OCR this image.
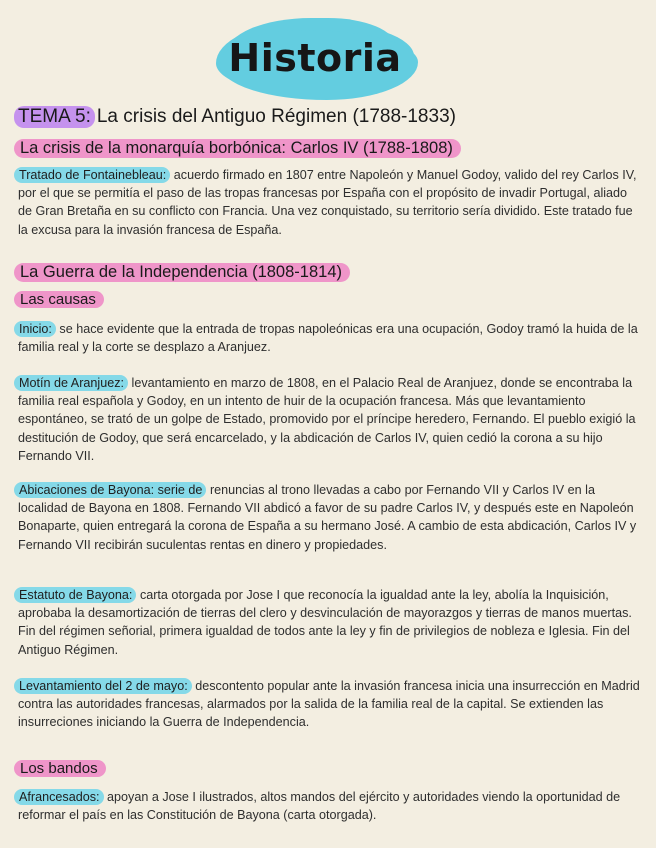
Historia
TEMA 5: La crisis del Antiguo Régimen (1788-1833)
La crisis de la monarquía borbónica: Carlos IV (1788-1808)
Tratado de Fontainebleau: acuerdo firmado en 1807 entre Napoleón y Manuel Godoy, valido del rey Carlos IV, por el que se permitía el paso de las tropas francesas por España con el propósito de invadir Portugal, aliado de Gran Bretaña en su conflicto con Francia. Una vez conquistado, su territorio sería dividido. Este tratado fue la excusa para la invasión francesa de España.
La Guerra de la Independencia (1808-1814)
Las causas
Inicio: se hace evidente que la entrada de tropas napoleónicas era una ocupación, Godoy tramó la huida de la familia real y la corte se desplazo a Aranjuez.
Motín de Aranjuez: levantamiento en marzo de 1808, en el Palacio Real de Aranjuez, donde se encontraba la familia real española y Godoy, en un intento de huir de la ocupación francesa. Más que levantamiento espontáneo, se trató de un golpe de Estado, promovido por el príncipe heredero, Fernando. El pueblo exigió la destitución de Godoy, que será encarcelado, y la abdicación de Carlos IV, quien cedió la corona a su hijo Fernando VII.
Abicaciones de Bayona: serie de renuncias al trono llevadas a cabo por Fernando VII y Carlos IV en la localidad de Bayona en 1808. Fernando VII abdicó a favor de su padre Carlos IV, y después este en Napoleón Bonaparte, quien entregará la corona de España a su hermano José. A cambio de esta abdicación, Carlos IV y Fernando VII recibirán suculentas rentas en dinero y propiedades.
Estatuto de Bayona: carta otorgada por Jose I que reconocía la igualdad ante la ley, abolía la Inquisición, aprobaba la desamortización de tierras del clero y desvinculación de mayorazgos y tierras de manos muertas. Fin del régimen señorial, primera igualdad de todos ante la ley y fin de privilegios de nobleza e Iglesia. Fin del Antiguo Régimen.
Levantamiento del 2 de mayo: descontento popular ante la invasión francesa inicia una insurrección en Madrid contra las autoridades francesas, alarmados por la salida de la familia real de la capital. Se extienden las insurreciones iniciando la Guerra de Independencia.
Los bandos
Afrancesados: apoyan a Jose I ilustrados, altos mandos del ejército y autoridades viendo la oportunidad de reformar el país en las Constitución de Bayona (carta otorgada).
